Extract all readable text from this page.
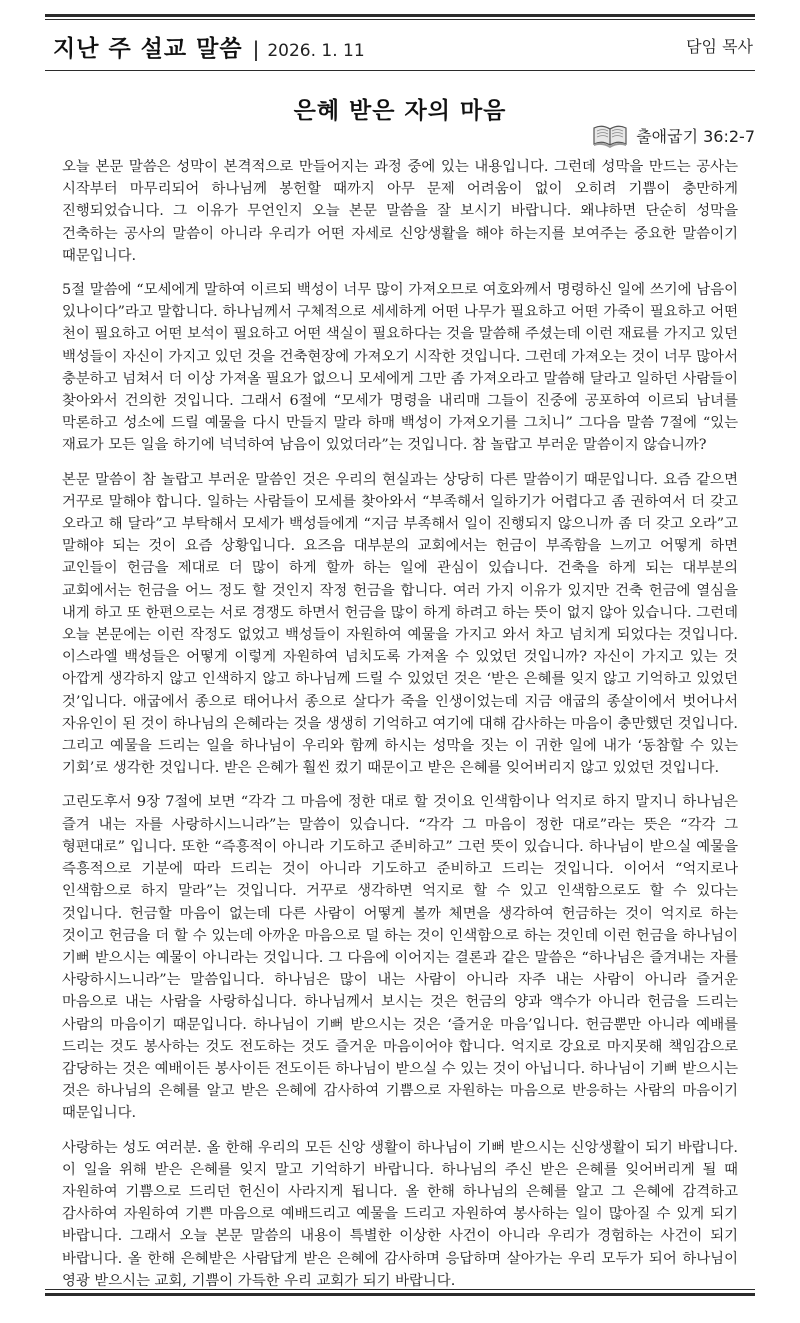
지난 주 설교 말씀 | 2026. 1. 11	담임 목사
은혜 받은 자의 마음
출애굽기 36:2-7

오늘 본문 말씀은 성막이 본격적으로 만들어지는 과정 중에 있는 내용입니다. 그런데 성막을 만드는 공사는 시작부터 마무리되어 하나님께 봉헌할 때까지 아무 문제 어려움이 없이 오히려 기쁨이 충만하게 진행되었습니다. 그 이유가 무언인지 오늘 본문 말씀을 잘 보시기 바랍니다. 왜냐하면 단순히 성막을 건축하는 공사의 말씀이 아니라 우리가 어떤 자세로 신앙생활을 해야 하는지를 보여주는 중요한 말씀이기 때문입니다.

5절 말씀에 “모세에게 말하여 이르되 백성이 너무 많이 가져오므로 여호와께서 명령하신 일에 쓰기에 남음이 있나이다”라고 말합니다. 하나님께서 구체적으로 세세하게 어떤 나무가 필요하고 어떤 가죽이 필요하고 어떤 천이 필요하고 어떤 보석이 필요하고 어떤 색실이 필요하다는 것을 말씀해 주셨는데 이런 재료를 가지고 있던 백성들이 자신이 가지고 있던 것을 건축현장에 가져오기 시작한 것입니다. 그런데 가져오는 것이 너무 많아서 충분하고 넘쳐서 더 이상 가져올 필요가 없으니 모세에게 그만 좀 가져오라고 말씀해 달라고 일하던 사람들이 찾아와서 건의한 것입니다. 그래서 6절에 “모세가 명령을 내리매 그들이 진중에 공포하여 이르되 남녀를 막론하고 성소에 드릴 예물을 다시 만들지 말라 하매 백성이 가져오기를 그치니” 그다음 말씀 7절에 “있는 재료가 모든 일을 하기에 넉넉하여 남음이 있었더라”는 것입니다. 참 놀랍고 부러운 말씀이지 않습니까?

본문 말씀이 참 놀랍고 부러운 말씀인 것은 우리의 현실과는 상당히 다른 말씀이기 때문입니다. 요즘 같으면 거꾸로 말해야 합니다. 일하는 사람들이 모세를 찾아와서 “부족해서 일하기가 어렵다고 좀 권하여서 더 갖고 오라고 해 달라”고 부탁해서 모세가 백성들에게 “지금 부족해서 일이 진행되지 않으니까 좀 더 갖고 오라”고 말해야 되는 것이 요즘 상황입니다. 요즈음 대부분의 교회에서는 헌금이 부족함을 느끼고 어떻게 하면 교인들이 헌금을 제대로 더 많이 하게 할까 하는 일에 관심이 있습니다. 건축을 하게 되는 대부분의 교회에서는 헌금을 어느 정도 할 것인지 작정 헌금을 합니다. 여러 가지 이유가 있지만 건축 헌금에 열심을 내게 하고 또 한편으로는 서로 경쟁도 하면서 헌금을 많이 하게 하려고 하는 뜻이 없지 않아 있습니다. 그런데 오늘 본문에는 이런 작정도 없었고 백성들이 자원하여 예물을 가지고 와서 차고 넘치게 되었다는 것입니다. 이스라엘 백성들은 어떻게 이렇게 자원하여 넘치도록 가져올 수 있었던 것입니까? 자신이 가지고 있는 것 아깝게 생각하지 않고 인색하지 않고 하나님께 드릴 수 있었던 것은 ‘받은 은혜를 잊지 않고 기억하고 있었던 것’입니다. 애굽에서 종으로 태어나서 종으로 살다가 죽을 인생이었는데 지금 애굽의 종살이에서 벗어나서 자유인이 된 것이 하나님의 은혜라는 것을 생생히 기억하고 여기에 대해 감사하는 마음이 충만했던 것입니다. 그리고 예물을 드리는 일을 하나님이 우리와 함께 하시는 성막을 짓는 이 귀한 일에 내가 ‘동참할 수 있는 기회’로 생각한 것입니다. 받은 은혜가 훨씬 컸기 때문이고 받은 은혜를 잊어버리지 않고 있었던 것입니다.

고린도후서 9장 7절에 보면 “각각 그 마음에 정한 대로 할 것이요 인색함이나 억지로 하지 말지니 하나님은 즐겨 내는 자를 사랑하시느니라”는 말씀이 있습니다. “각각 그 마음이 정한 대로”라는 뜻은 “각각 그 형편대로” 입니다. 또한 “즉흥적이 아니라 기도하고 준비하고” 그런 뜻이 있습니다. 하나님이 받으실 예물을 즉흥적으로 기분에 따라 드리는 것이 아니라 기도하고 준비하고 드리는 것입니다. 이어서 “억지로나 인색함으로 하지 말라”는 것입니다. 거꾸로 생각하면 억지로 할 수 있고 인색함으로도 할 수 있다는 것입니다. 헌금할 마음이 없는데 다른 사람이 어떻게 볼까 체면을 생각하여 헌금하는 것이 억지로 하는 것이고 헌금을 더 할 수 있는데 아까운 마음으로 덜 하는 것이 인색함으로 하는 것인데 이런 헌금을 하나님이 기뻐 받으시는 예물이 아니라는 것입니다. 그 다음에 이어지는 결론과 같은 말씀은 “하나님은 즐겨내는 자를 사랑하시느니라”는 말씀입니다. 하나님은 많이 내는 사람이 아니라 자주 내는 사람이 아니라 즐거운 마음으로 내는 사람을 사랑하십니다. 하나님께서 보시는 것은 헌금의 양과 액수가 아니라 헌금을 드리는 사람의 마음이기 때문입니다. 하나님이 기뻐 받으시는 것은 ‘즐거운 마음’입니다. 헌금뿐만 아니라 예배를 드리는 것도 봉사하는 것도 전도하는 것도 즐거운 마음이어야 합니다. 억지로 강요로 마지못해 책임감으로 감당하는 것은 예배이든 봉사이든 전도이든 하나님이 받으실 수 있는 것이 아닙니다. 하나님이 기뻐 받으시는 것은 하나님의 은혜를 알고 받은 은혜에 감사하여 기쁨으로 자원하는 마음으로 반응하는 사람의 마음이기 때문입니다.

사랑하는 성도 여러분. 올 한해 우리의 모든 신앙 생활이 하나님이 기뻐 받으시는 신앙생활이 되기 바랍니다. 이 일을 위해 받은 은혜를 잊지 말고 기억하기 바랍니다. 하나님의 주신 받은 은혜를 잊어버리게 될 때 자원하여 기쁨으로 드리던 헌신이 사라지게 됩니다. 올 한해 하나님의 은혜를 알고 그 은혜에 감격하고 감사하여 자원하여 기쁜 마음으로 예배드리고 예물을 드리고 자원하여 봉사하는 일이 많아질 수 있게 되기 바랍니다. 그래서 오늘 본문 말씀의 내용이 특별한 이상한 사건이 아니라 우리가 경험하는 사건이 되기 바랍니다. 올 한해 은혜받은 사람답게 받은 은혜에 감사하며 응답하며 살아가는 우리 모두가 되어 하나님이 영광 받으시는 교회, 기쁨이 가득한 우리 교회가 되기 바랍니다.
